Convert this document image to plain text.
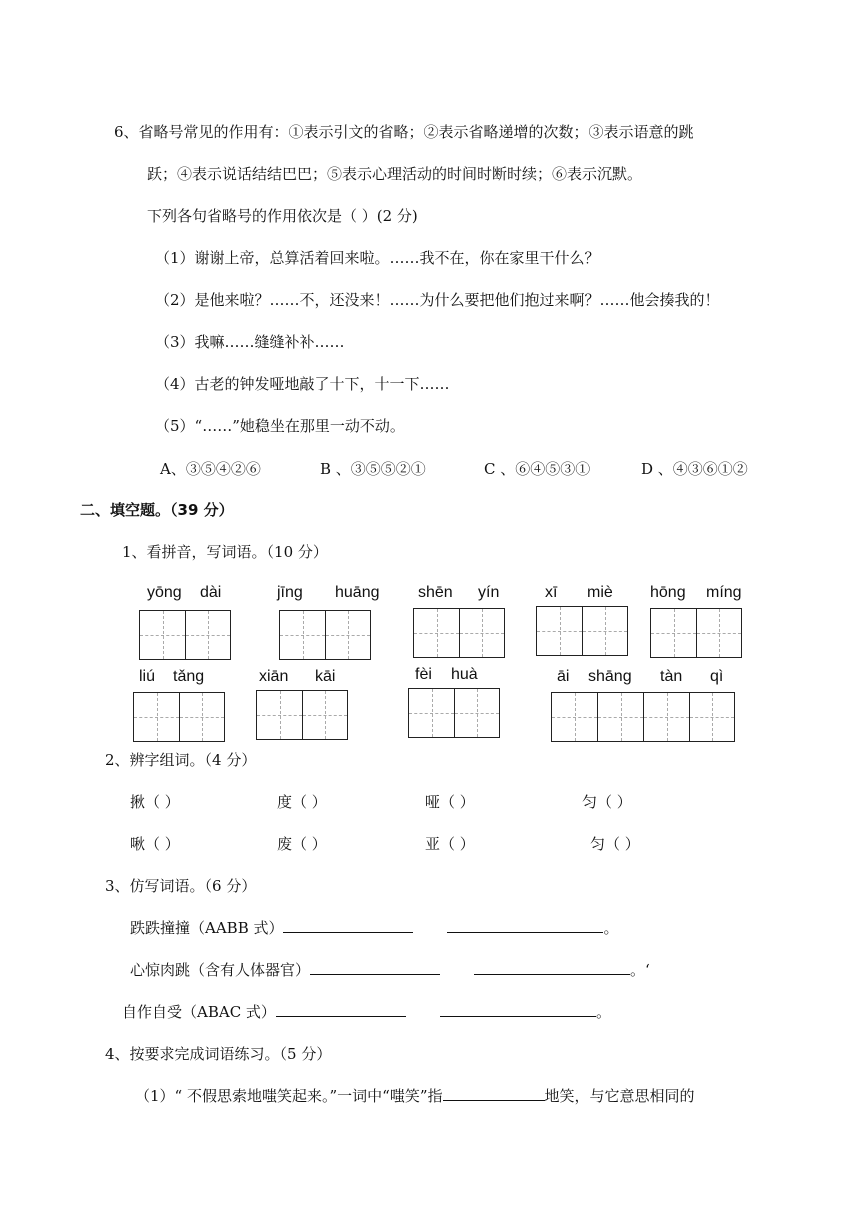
6、省略号常见的作用有：①表示引文的省略；②表示省略递增的次数；③表示语意的跳
跃；④表示说话结结巴巴；⑤表示心理活动的时间时断时续；⑥表示沉默。
下列各句省略号的作用依次是（ ）(2 分)
（1）谢谢上帝，总算活着回来啦。……我不在，你在家里干什么？
（2）是他来啦？……不，还没来！……为什么要把他们抱过来啊？……他会揍我的！
（3）我嘛……缝缝补补……
（4）古老的钟发哑地敲了十下，十一下……
（5）“……”她稳坐在那里一动不动。
A、③⑤④②⑥	B 、③⑤⑤②①	C 、⑥④⑤③①	D 、④③⑥①②
二、填空题。（39 分）
1、看拼音，写词语。（10 分）
yōng dài	jīng huāng shēn yín	xī miè hōng míng
liú tǎng	xiān kāi	fèi huà	āi shāng tàn qì
2、辨字组词。（4 分）
揪（ ）	度（ ）	哑（ ）	匀（ ）
啾（ ）	废（ ）	亚（ ）	匀（ ）
3、仿写词语。（6 分）
跌跌撞撞（AABB 式）	。
心惊肉跳（含有人体器官）	。‘
自作自受（ABAC 式）	。
4、按要求完成词语练习。（5 分）
（1）“ 不假思索地嗤笑起来。”一词中“嗤笑”指	地笑，与它意思相同的
